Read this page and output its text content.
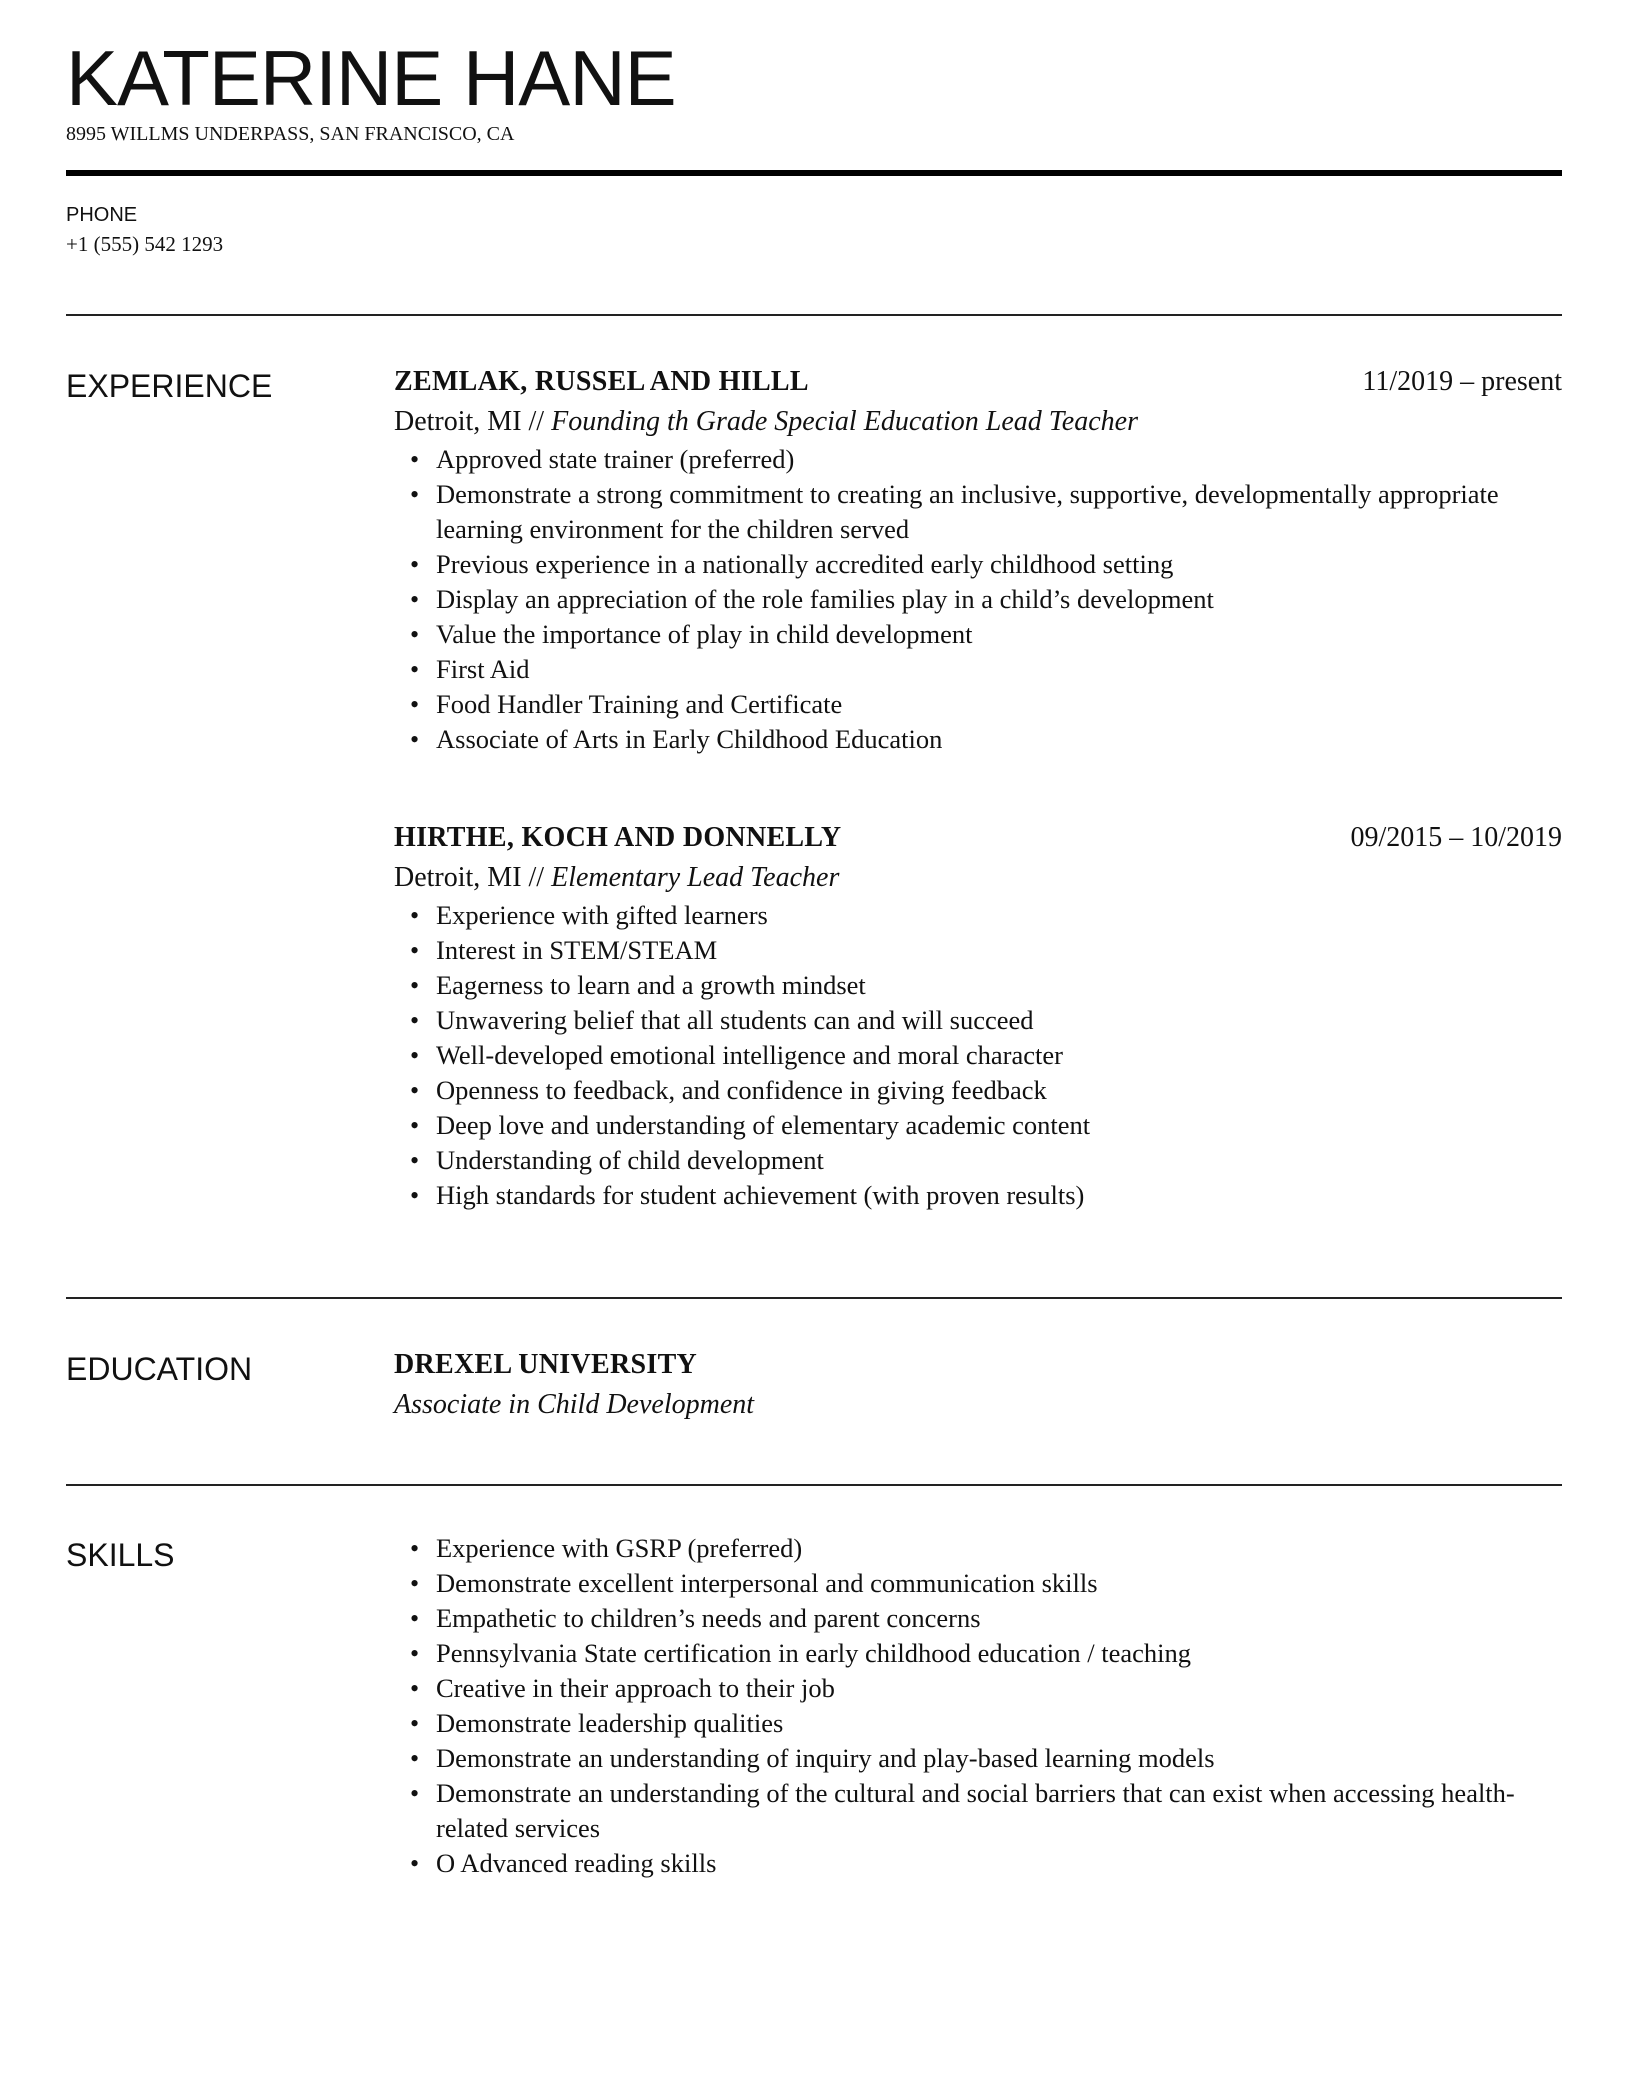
KATERINE HANE
8995 WILLMS UNDERPASS, SAN FRANCISCO, CA
PHONE
+1 (555) 542 1293
EXPERIENCE	ZEMLAK, RUSSEL AND HILLL	11/2019 – present
Detroit, MI // Founding th Grade Special Education Lead Teacher
• Approved state trainer (preferred)
• Demonstrate a strong commitment to creating an inclusive, supportive, developmentally appropriate learning environment for the children served
• Previous experience in a nationally accredited early childhood setting
• Display an appreciation of the role families play in a child’s development
• Value the importance of play in child development
• First Aid
• Food Handler Training and Certificate
• Associate of Arts in Early Childhood Education
HIRTHE, KOCH AND DONNELLY	09/2015 – 10/2019
Detroit, MI // Elementary Lead Teacher
• Experience with gifted learners
• Interest in STEM/STEAM
• Eagerness to learn and a growth mindset
• Unwavering belief that all students can and will succeed
• Well-developed emotional intelligence and moral character
• Openness to feedback, and confidence in giving feedback
• Deep love and understanding of elementary academic content
• Understanding of child development
• High standards for student achievement (with proven results)
EDUCATION	DREXEL UNIVERSITY
Associate in Child Development
SKILLS
•	Experience with GSRP (preferred)
• Demonstrate excellent interpersonal and communication skills
• Empathetic to children’s needs and parent concerns
• Pennsylvania State certification in early childhood education / teaching
• Creative in their approach to their job
• Demonstrate leadership qualities
• Demonstrate an understanding of inquiry and play-based learning models
• Demonstrate an understanding of the cultural and social barriers that can exist when accessing health-related services
• O Advanced reading skills
